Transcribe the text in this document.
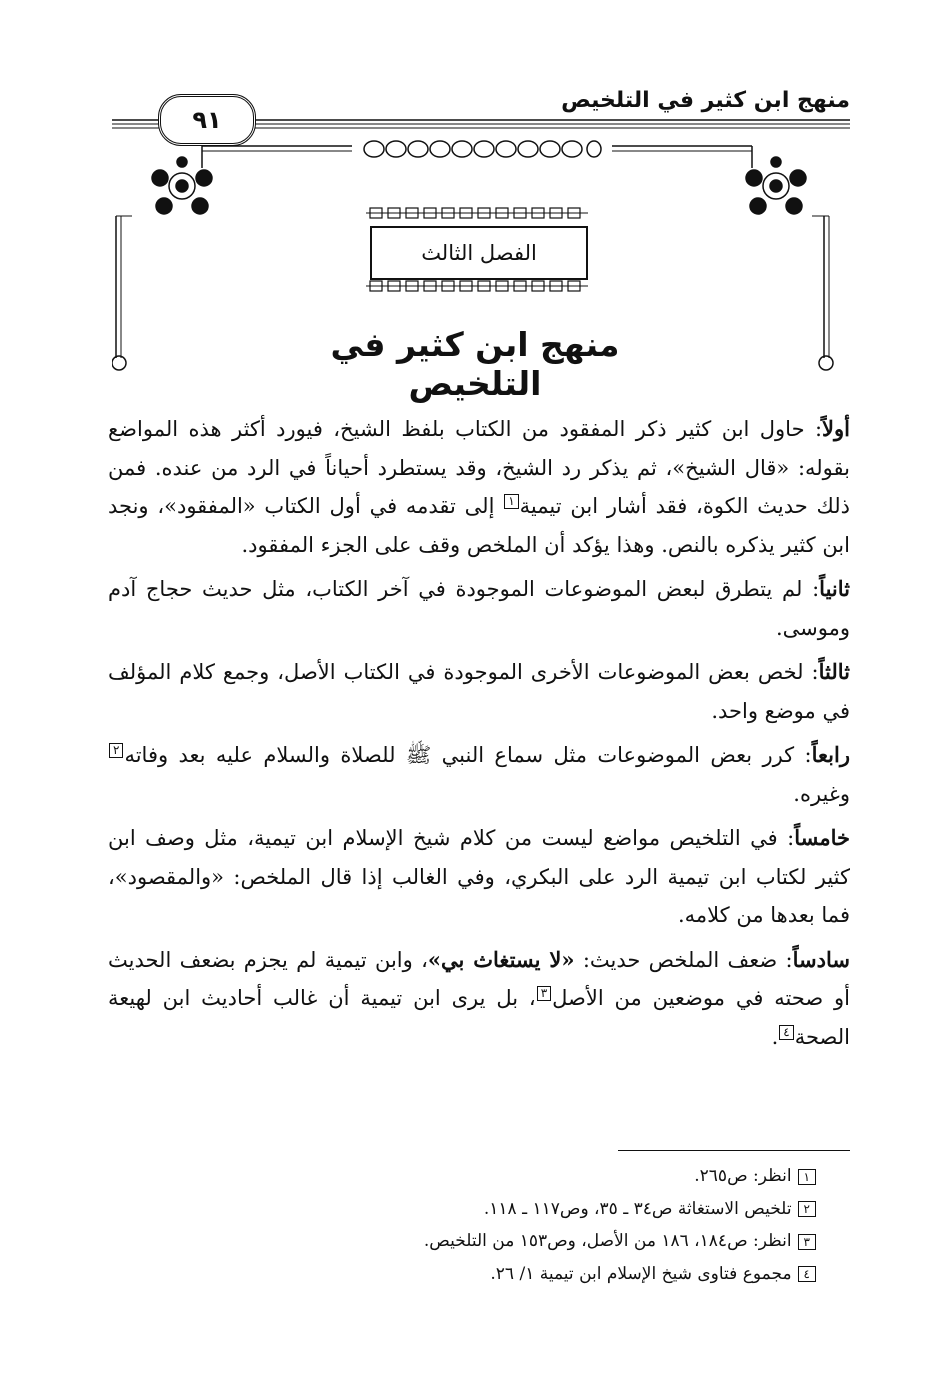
منهج ابن كثير في التلخيص
٩١
الفصل الثالث
منهج ابن كثير في التلخيص

أولاً: حاول ابن كثير ذكر المفقود من الكتاب بلفظ الشيخ، فيورد أكثر هذه المواضع بقوله: «قال الشيخ»، ثم يذكر رد الشيخ، وقد يستطرد أحياناً في الرد من عنده. فمن ذلك حديث الكوة، فقد أشار ابن تيمية١ إلى تقدمه في أول الكتاب «المفقود»، ونجد ابن كثير يذكره بالنص. وهذا يؤكد أن الملخص وقف على الجزء المفقود.

ثانياً: لم يتطرق لبعض الموضوعات الموجودة في آخر الكتاب، مثل حديث حجاج آدم وموسى.

ثالثاً: لخص بعض الموضوعات الأخرى الموجودة في الكتاب الأصل، وجمع كلام المؤلف في موضع واحد.

رابعاً: كرر بعض الموضوعات مثل سماع النبي ﷺ للصلاة والسلام عليه بعد وفاته٢ وغيره.

خامساً: في التلخيص مواضع ليست من كلام شيخ الإسلام ابن تيمية، مثل وصف ابن كثير لكتاب ابن تيمية الرد على البكري، وفي الغالب إذا قال الملخص: «والمقصود»، فما بعدها من كلامه.

سادساً: ضعف الملخص حديث: «لا يستغاث بي»، وابن تيمية لم يجزم بضعف الحديث أو صحته في موضعين من الأصل٣، بل يرى ابن تيمية أن غالب أحاديث ابن لهيعة الصحة٤.

١انظر: ص٢٦٥.

٢تلخيص الاستغاثة ص٣٤ ـ ٣٥، وص١١٧ ـ ١١٨.

٣انظر: ص١٨٤، ١٨٦ من الأصل، وص١٥٣ من التلخيص.

٤مجموع فتاوى شيخ الإسلام ابن تيمية ١/ ٢٦.
